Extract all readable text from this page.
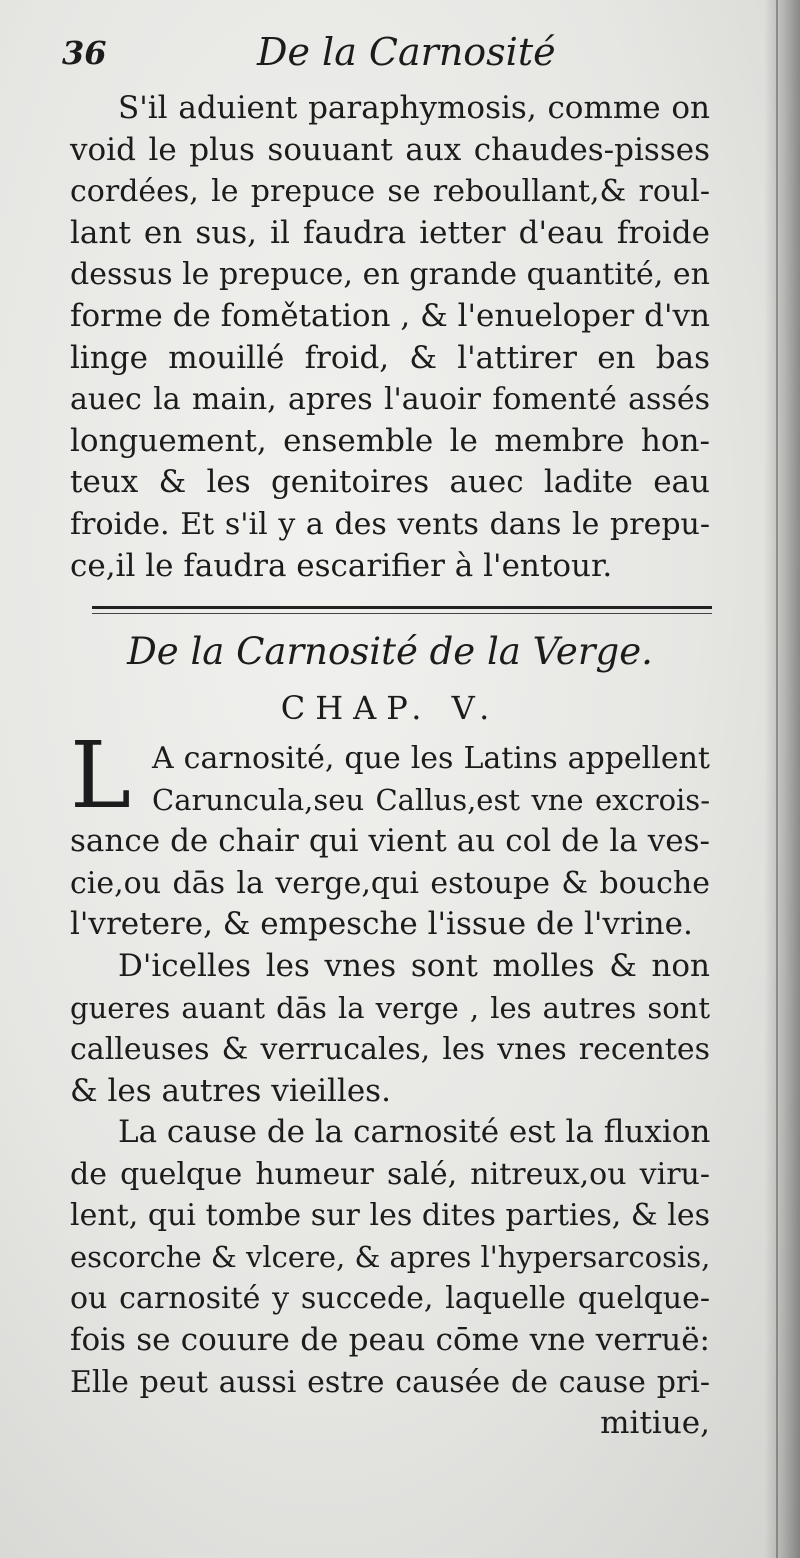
36	De la Carnosité
S'il aduient paraphymosis, comme on
void le plus souuant aux chaudes-pisses
cordées, le prepuce se reboullant,& roul-
lant en sus, il faudra ietter d'eau froide
dessus le prepuce, en grande quantité, en
forme de fomětation , & l'enueloper d'vn
linge mouillé froid, & l'attirer en bas
auec la main, apres l'auoir fomenté assés
longuement, ensemble le membre hon-
teux & les genitoires auec ladite eau
froide. Et s'il y a des vents dans le prepu-
ce,il le faudra escarifier à l'entour.
De la Carnosité de la Verge.
CHAP. V.
L A carnosité, que les Latins appellent
Caruncula,seu Callus,est vne excrois-
sance de chair qui vient au col de la ves-
cie,ou dās la verge,qui estoupe & bouche
l'vretere, & empesche l'issue de l'vrine.
D'icelles les vnes sont molles & non
gueres auant dās la verge , les autres sont
calleuses & verrucales, les vnes recentes
& les autres vieilles.
La cause de la carnosité est la fluxion
de quelque humeur salé, nitreux,ou viru-
lent, qui tombe sur les dites parties, & les
escorche & vlcere, & apres l'hypersarcosis,
ou carnosité y succede, laquelle quelque-
fois se couure de peau cōme vne verruë:
Elle peut aussi estre causée de cause pri-
mitiue,
